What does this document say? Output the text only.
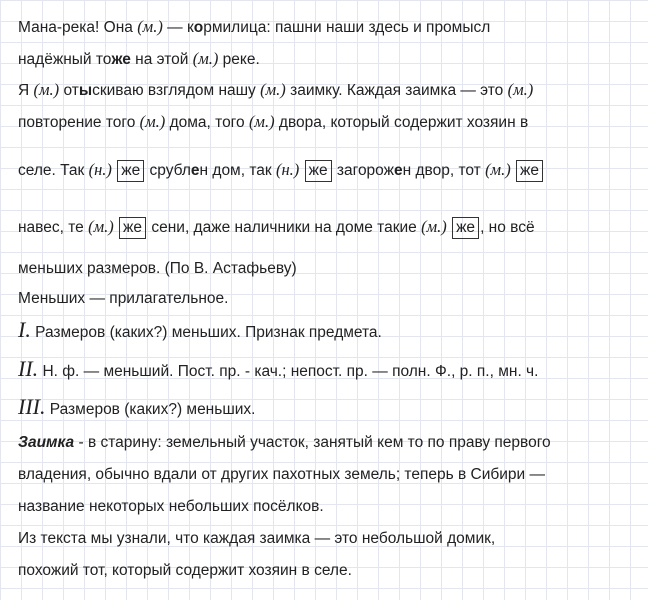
Мана-река! Она (м.) — кормилица: пашни наши здесь и промысл
надёжный тоже на этой (м.) реке.
Я (м.) отыскиваю взглядом нашу (м.) заимку. Каждая заимка — это (м.)
повторение того (м.) дома, того (м.) двора, который содержит хозяин в
селе. Так (н.) же срублен дом, так (н.) же загорожен двор, тот (м.) же
навес, те (м.) же сени, даже наличники на доме такие (м.) же , но всё
меньших размеров. (По В. Астафьеву)
Меньших — прилагательное.
I. Размеров (каких?) меньших. Признак предмета.
II. Н. ф. — меньший. Пост. пр. - кач.; непост. пр. — полн. Ф., р. п., мн. ч.
III. Размеров (каких?) меньших.
Заимка - в старину: земельный участок, занятый кем то по праву первого
владения, обычно вдали от других пахотных земель; теперь в Сибири —
название некоторых небольших посёлков.
Из текста мы узнали, что каждая заимка — это небольшой домик,
похожий тот, который содержит хозяин в селе.
